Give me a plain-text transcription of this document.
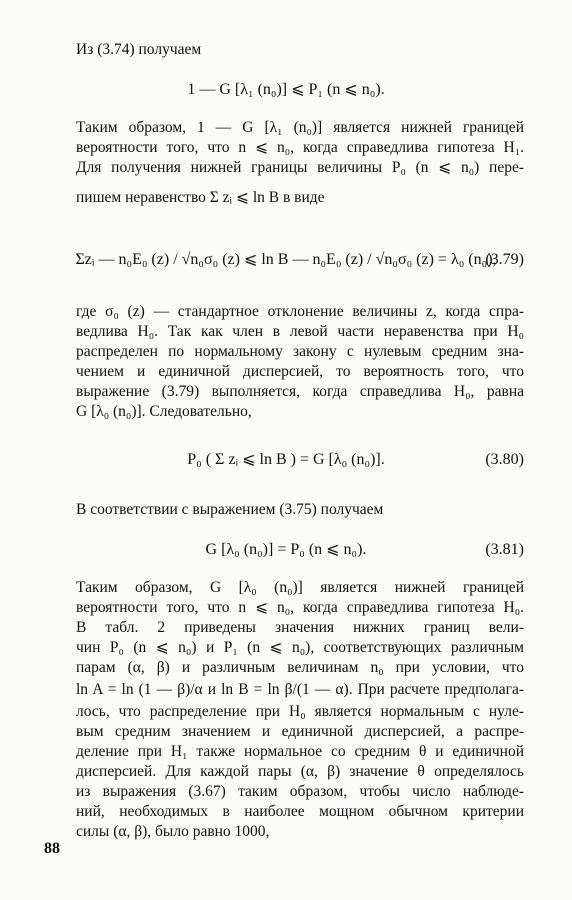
Из (3.74) получаем
1 — G [λ₁ (n₀)] ⩽ P₁ (n ⩽ n₀).
Таким образом, 1 — G [λ₁ (n₀)] является нижней границей
вероятности того, что n ⩽ n₀, когда справедлива гипотеза H₁.
Для получения нижней границы величины P₀ (n ⩽ n₀) пере-
пишем неравенство Σ zᵢ ⩽ ln B в виде
Σzᵢ — n₀E₀ (z) / √n₀σ₀ (z) ⩽ ln B — n₀E₀ (z) / √n₀σ₀ (z) = λ₀ (n₀),
(3.79)
где σ₀ (z) — стандартное отклонение величины z, когда спра-
ведлива H₀. Так как член в левой части неравенства при H₀
распределен по нормальному закону с нулевым средним зна-
чением и единичной дисперсией, то вероятность того, что
выражение (3.79) выполняется, когда справедлива H₀, равна
G [λ₀ (n₀)]. Следовательно,
P₀ ( Σ zᵢ ⩽ ln B ) = G [λ₀ (n₀)].	(3.80)
В соответствии с выражением (3.75) получаем
G [λ₀ (n₀)] = P₀ (n ⩽ n₀).	(3.81)
Таким образом, G [λ₀ (n₀)] является нижней границей
вероятности того, что n ⩽ n₀, когда справедлива гипотеза H₀.
В табл. 2 приведены значения нижних границ вели-
чин P₀ (n ⩽ n₀) и P₁ (n ⩽ n₀), соответствующих различным
парам (α, β) и различным величинам n₀ при условии, что
ln A = ln (1 — β)/α и ln B = ln β/(1 — α). При расчете предполага-
лось, что распределение при H₀ является нормальным с нуле-
вым средним значением и единичной дисперсией, а распре-
деление при H₁ также нормальное со средним θ и единичной
дисперсией. Для каждой пары (α, β) значение θ определялось
из выражения (3.67) таким образом, чтобы число наблюде-
ний, необходимых в наиболее мощном обычном критерии
силы (α, β), было равно 1000,
88
